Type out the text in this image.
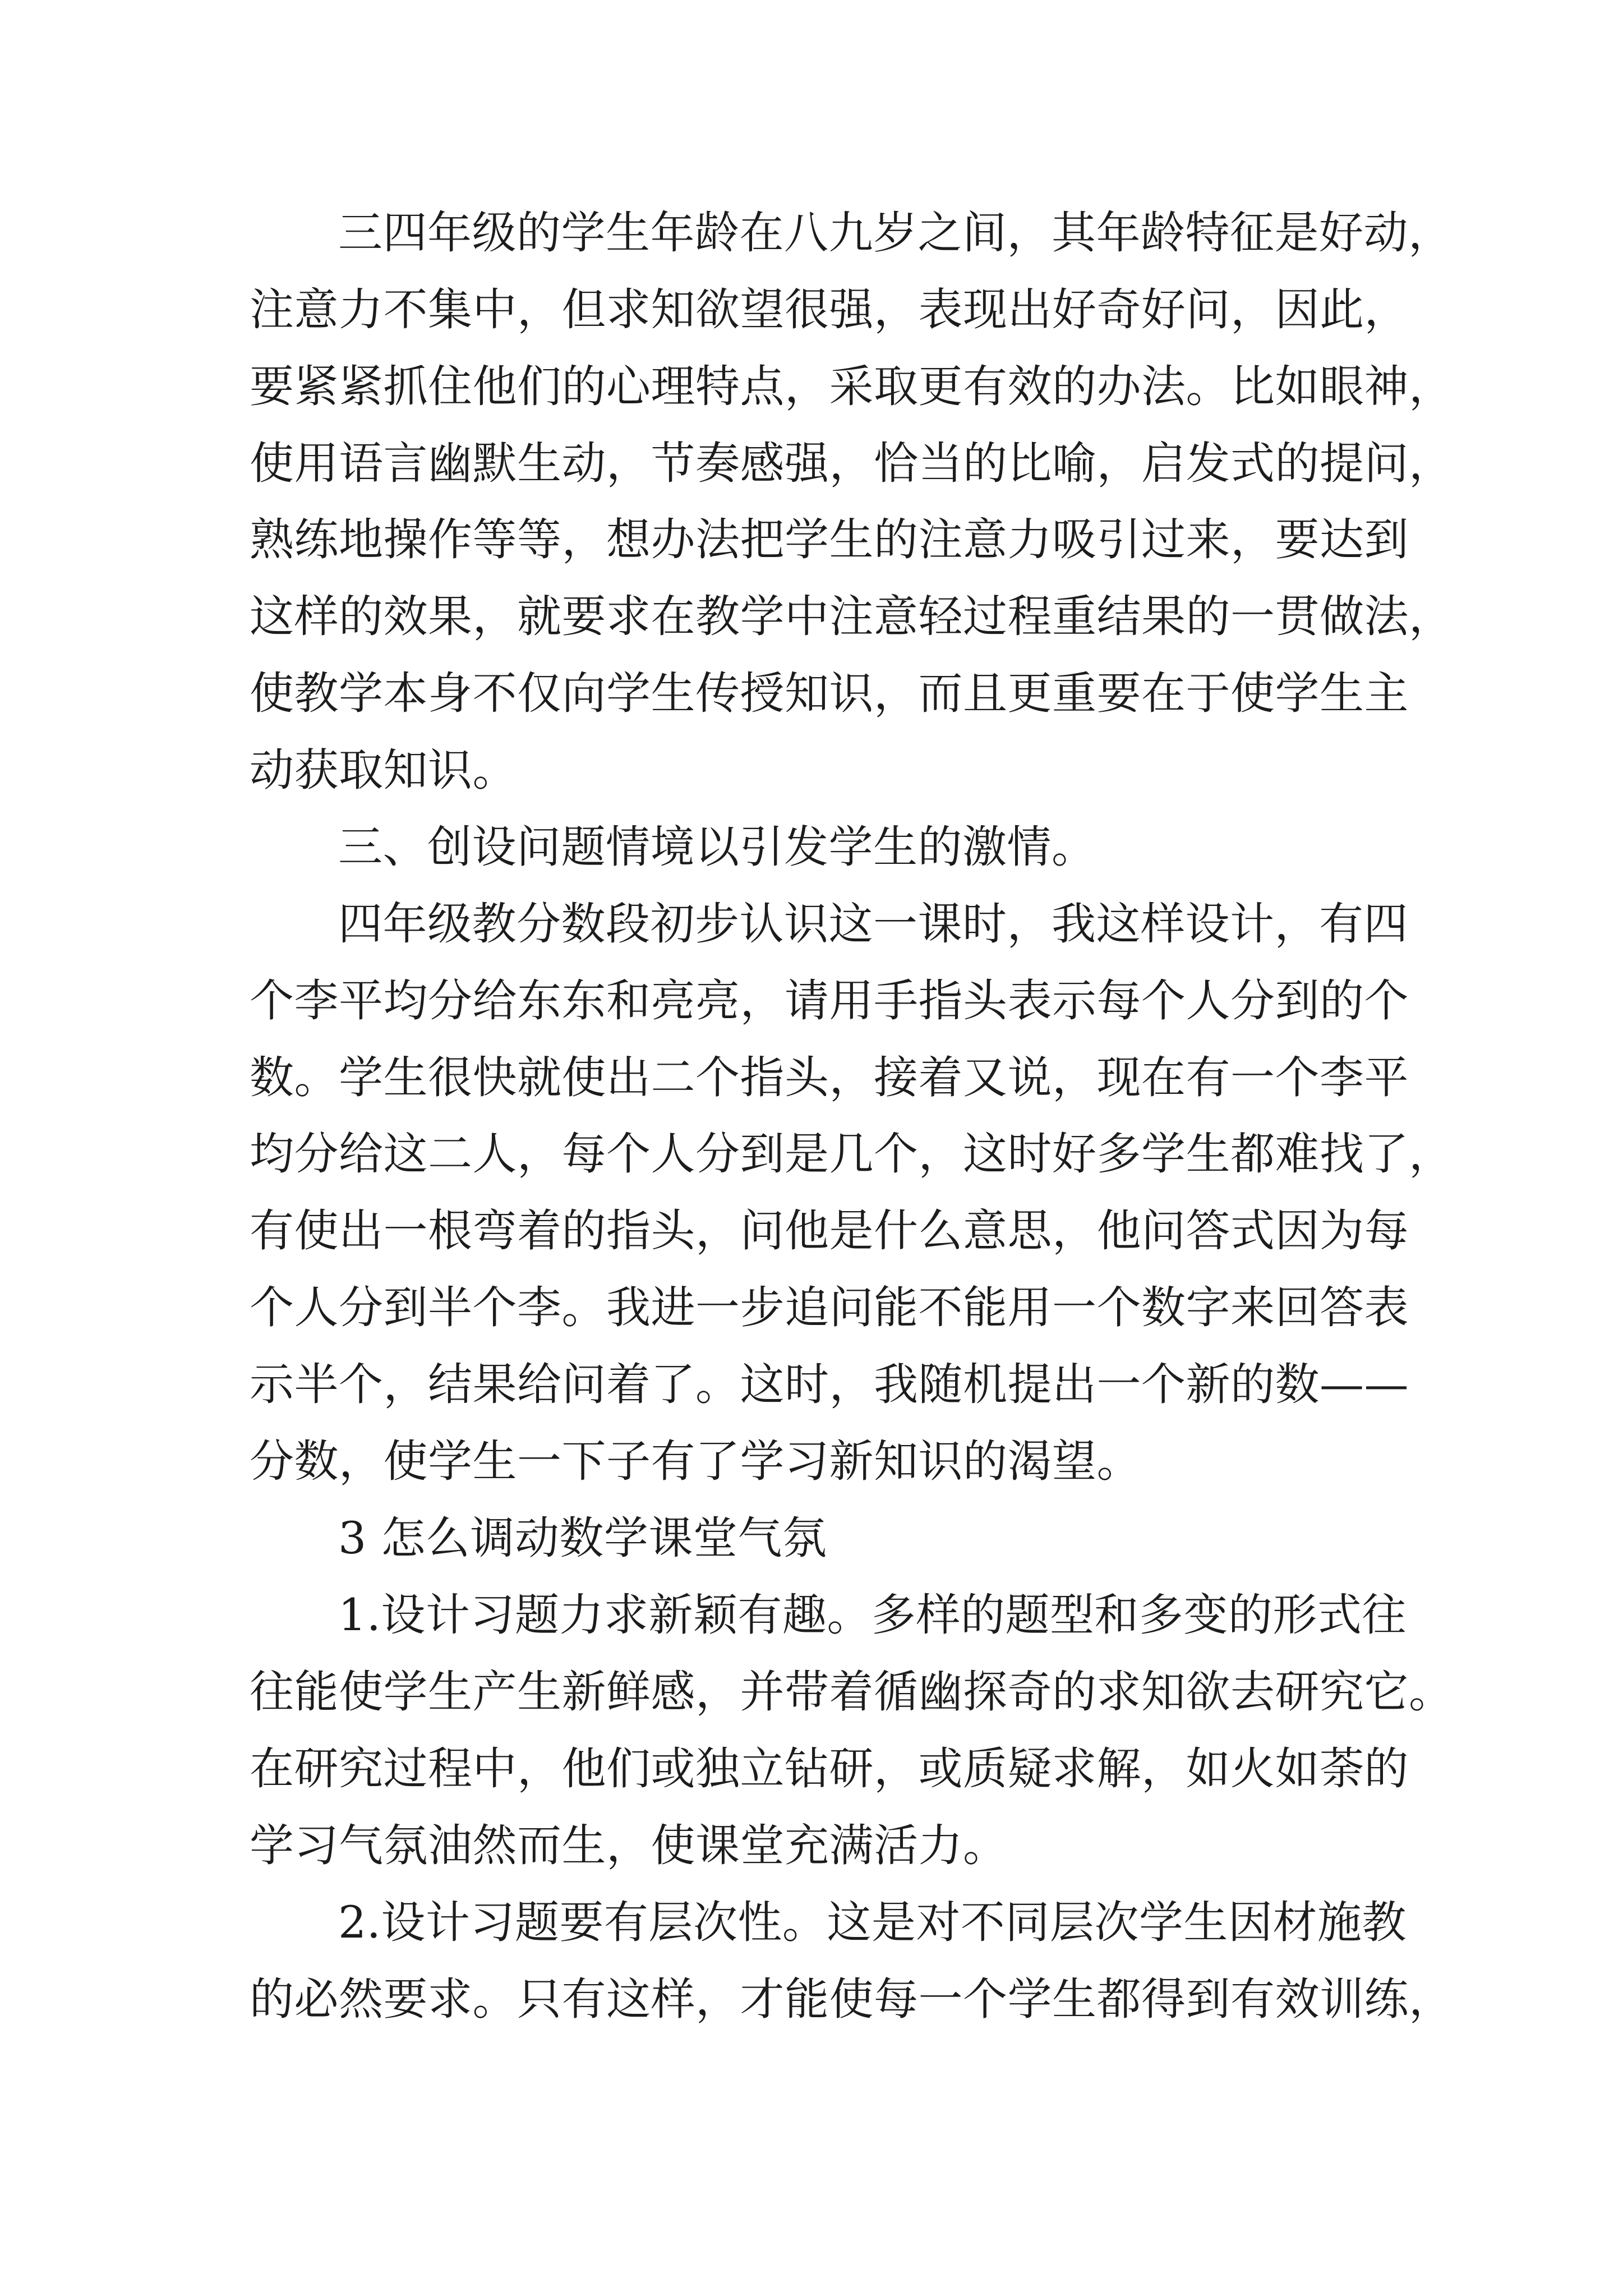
三四年级的学生年龄在八九岁之间，其年龄特征是好动，
注意力不集中，但求知欲望很强，表现出好奇好问，因此，
要紧紧抓住他们的心理特点，采取更有效的办法。比如眼神，
使用语言幽默生动，节奏感强，恰当的比喻，启发式的提问，
熟练地操作等等，想办法把学生的注意力吸引过来，要达到
这样的效果，就要求在教学中注意轻过程重结果的一贯做法，
使教学本身不仅向学生传授知识，而且更重要在于使学生主
动获取知识。
三、创设问题情境以引发学生的激情。
四年级教分数段初步认识这一课时，我这样设计，有四
个李平均分给东东和亮亮，请用手指头表示每个人分到的个
数。学生很快就使出二个指头，接着又说，现在有一个李平
均分给这二人，每个人分到是几个，这时好多学生都难找了，
有使出一根弯着的指头，问他是什么意思，他问答式因为每
个人分到半个李。我进一步追问能不能用一个数字来回答表
示半个，结果给问着了。这时，我随机提出一个新的数——
分数，使学生一下子有了学习新知识的渴望。
3 怎么调动数学课堂气氛
1.设计习题力求新颖有趣。多样的题型和多变的形式往
往能使学生产生新鲜感，并带着循幽探奇的求知欲去研究它。
在研究过程中，他们或独立钻研，或质疑求解，如火如荼的
学习气氛油然而生，使课堂充满活力。
2.设计习题要有层次性。这是对不同层次学生因材施教
的必然要求。只有这样，才能使每一个学生都得到有效训练，
